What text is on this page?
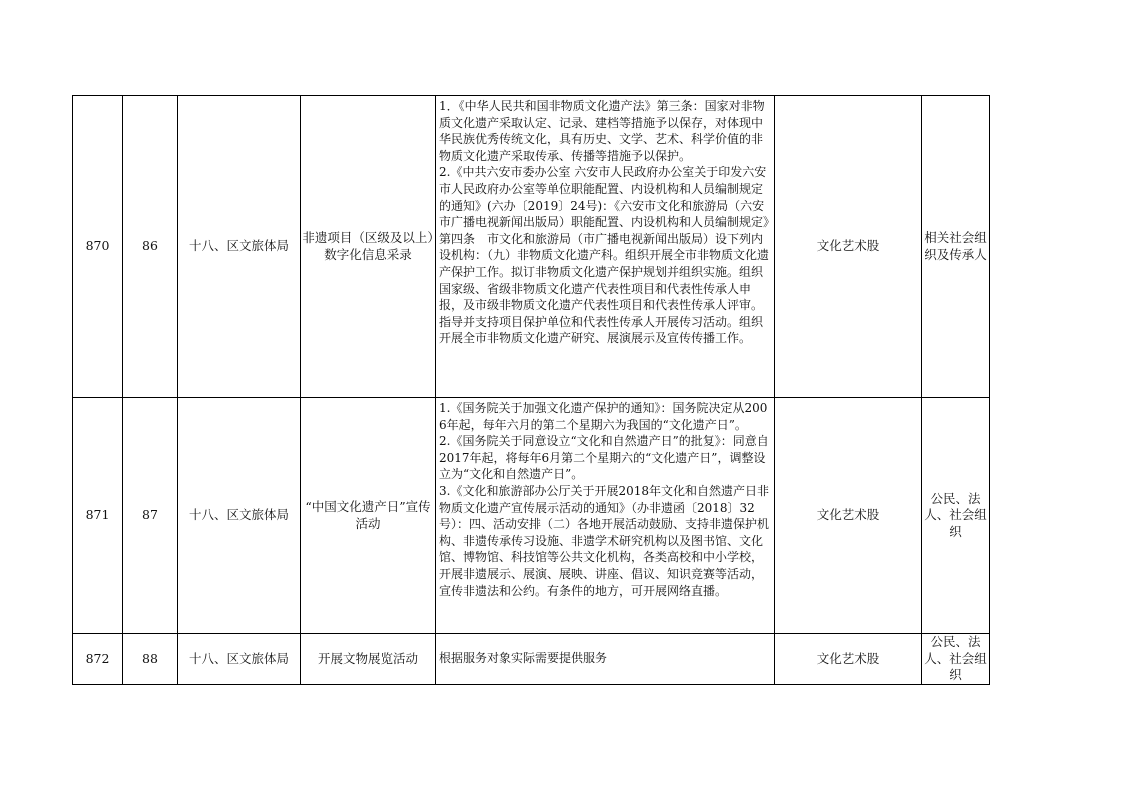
870	86	十八、区文旅体局	非遗项目（区级及以上）数字化信息采录	1．《中华人民共和国非物质文化遗产法》第三条：国家对非物质文化遗产采取认定、记录、建档等措施予以保存，对体现中华民族优秀传统文化，具有历史、文学、艺术、科学价值的非物质文化遗产采取传承、传播等措施予以保护。
2.《中共六安市委办公室 六安市人民政府办公室关于印发六安市人民政府办公室等单位职能配置、内设机构和人员编制规定的通知》(六办〔2019〕24号)：《六安市文化和旅游局（六安市广播电视新闻出版局）职能配置、内设机构和人员编制规定》第四条　市文化和旅游局（市广播电视新闻出版局）设下列内设机构：（九）非物质文化遗产科。组织开展全市非物质文化遗产保护工作。拟订非物质文化遗产保护规划并组织实施。组织国家级、省级非物质文化遗产代表性项目和代表性传承人申报，及市级非物质文化遗产代表性项目和代表性传承人评审。指导并支持项目保护单位和代表性传承人开展传习活动。组织开展全市非物质文化遗产研究、展演展示及宣传传播工作。	文化艺术股	相关社会组织及传承人
871	87	十八、区文旅体局	“中国文化遗产日”宣传活动	1.《国务院关于加强文化遗产保护的通知》：国务院决定从2006年起，每年六月的第二个星期六为我国的“文化遗产日”。
2.《国务院关于同意设立“文化和自然遗产日”的批复》：同意自2017年起，将每年6月第二个星期六的“文化遗产日”，调整设立为“文化和自然遗产日”。
3.《文化和旅游部办公厅关于开展2018年文化和自然遗产日非物质文化遗产宣传展示活动的通知》（办非遗函〔2018〕32号）：四、活动安排（二）各地开展活动鼓励、支持非遗保护机构、非遗传承传习设施、非遗学术研究机构以及图书馆、文化馆、博物馆、科技馆等公共文化机构，各类高校和中小学校，开展非遗展示、展演、展映、讲座、倡议、知识竞赛等活动，宣传非遗法和公约。有条件的地方，可开展网络直播。	文化艺术股	公民、法人、社会组织
872	88	十八、区文旅体局	开展文物展览活动	根据服务对象实际需要提供服务	文化艺术股	公民、法人、社会组织
